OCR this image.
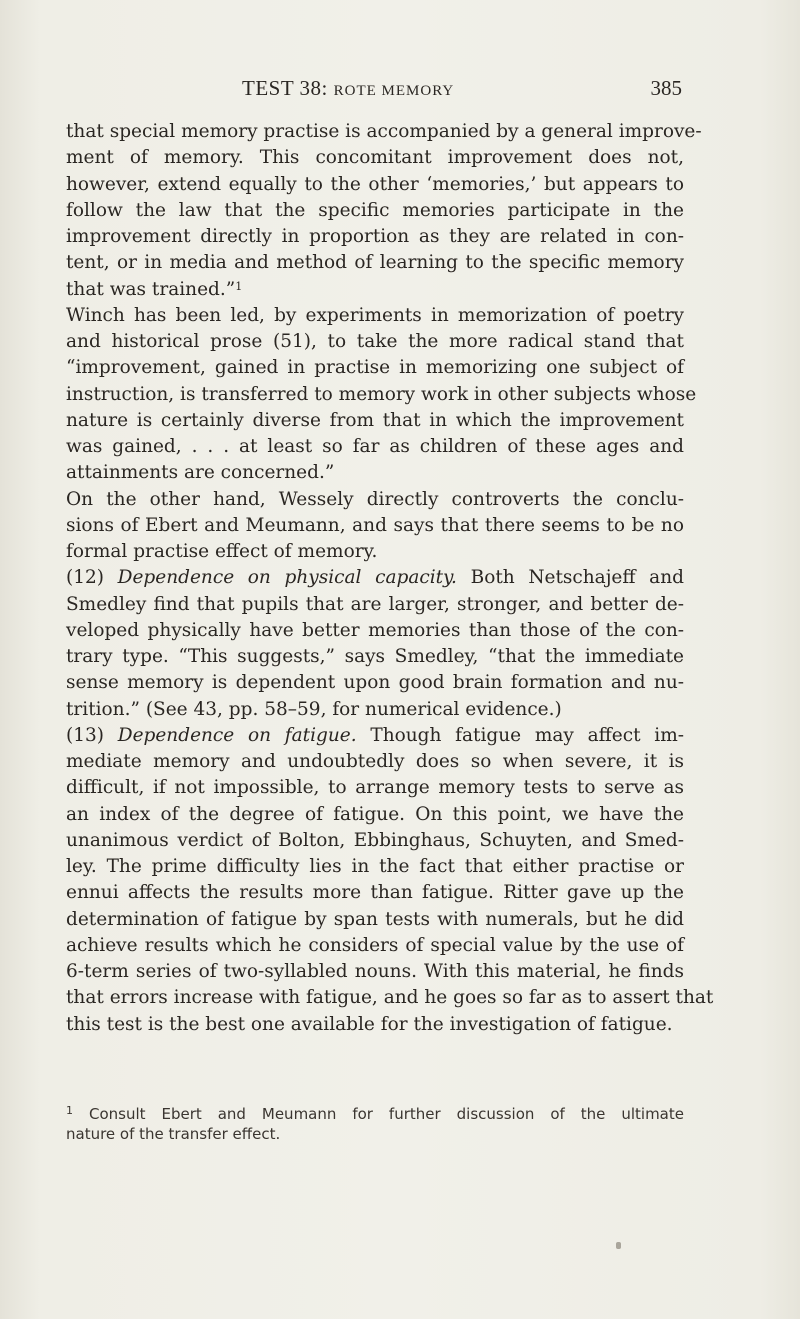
TEST 38: ROTE MEMORY	385
that special memory practise is accompanied by a general improve-
ment of memory. This concomitant improvement does not,
however, extend equally to the other ‘memories,’ but appears to
follow the law that the specific memories participate in the
improvement directly in proportion as they are related in con-
tent, or in media and method of learning to the specific memory
that was trained.”$^1$
Winch has been led, by experiments in memorization of poetry
and historical prose (51), to take the more radical stand that
“improvement, gained in practise in memorizing one subject of
instruction, is transferred to memory work in other subjects whose
nature is certainly diverse from that in which the improvement
was gained, . . . at least so far as children of these ages and
attainments are concerned.”
On the other hand, Wessely directly controverts the conclu-
sions of Ebert and Meumann, and says that there seems to be no
formal practise effect of memory.
(12) Dependence on physical capacity. Both Netschajeff and
Smedley find that pupils that are larger, stronger, and better de-
veloped physically have better memories than those of the con-
trary type. “This suggests,” says Smedley, “that the immediate
sense memory is dependent upon good brain formation and nu-
trition.” (See 43, pp. 58–59, for numerical evidence.)
(13) Dependence on fatigue. Though fatigue may affect im-
mediate memory and undoubtedly does so when severe, it is
difficult, if not impossible, to arrange memory tests to serve as
an index of the degree of fatigue. On this point, we have the
unanimous verdict of Bolton, Ebbinghaus, Schuyten, and Smed-
ley. The prime difficulty lies in the fact that either practise or
ennui affects the results more than fatigue. Ritter gave up the
determination of fatigue by span tests with numerals, but he did
achieve results which he considers of special value by the use of
6-term series of two-syllabled nouns. With this material, he finds
that errors increase with fatigue, and he goes so far as to assert that
this test is the best one available for the investigation of fatigue.
$^1$ Consult Ebert and Meumann for further discussion of the ultimate
nature of the transfer effect.
